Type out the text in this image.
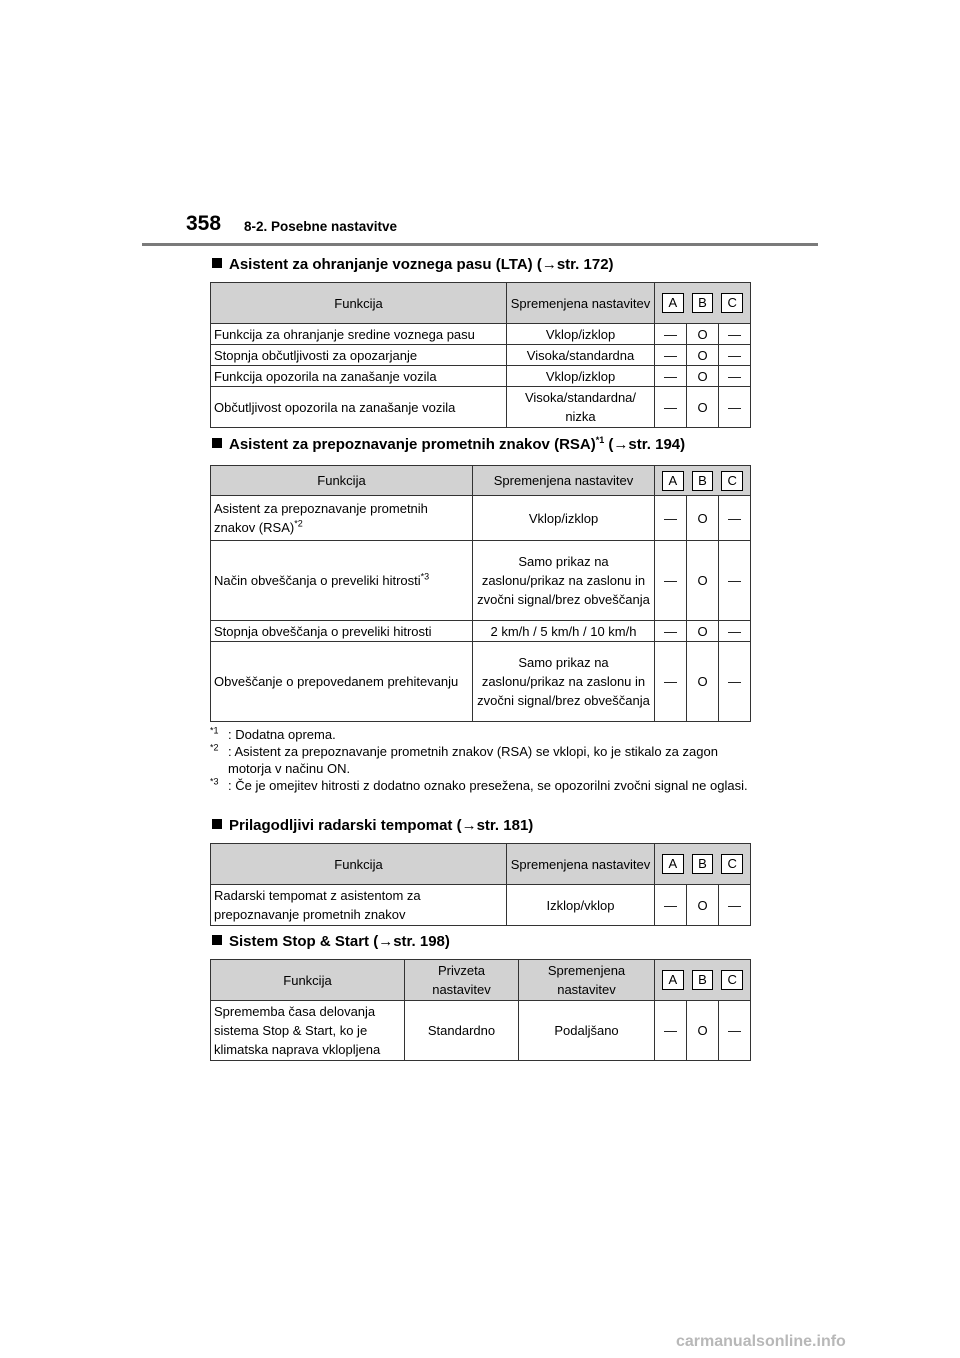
358 8-2. Posebne nastavitve
Asistent za ohranjanje voznega pasu (LTA) (→str. 172)
Funkcija	Spremenjena nastavitev	A B C		

Funkcija za ohranjanje sredine voznega pasu	Vklop/izklop	—	O	—
Stopnja občutljivosti za opozarjanje	Visoka/standardna	—	O	—
Funkcija opozorila na zanašanje vozila	Vklop/izklop	—	O	—
Občutljivost opozorila na zanašanje vozila	Visoka/standardna/ nizka	—	O	—
Asistent za prepoznavanje prometnih znakov (RSA)$^{*1}$ (→str. 194)
Funkcija	Spremenjena nastavitev	A B C		

Asistent za prepoznavanje prometnih znakov (RSA)$^{*2}$	Vklop/izklop	—	O	—
Način obveščanja o preveliki hitrosti$^{*3}$	Samo prikaz na zaslonu/prikaz na zaslonu in zvočni signal/brez obveščanja	—	O	—
Stopnja obveščanja o preveliki hitrosti	2 km/h / 5 km/h / 10 km/h	—	O	—
Obveščanje o prepovedanem prehitevanju	Samo prikaz na zaslonu/prikaz na zaslonu in zvočni signal/brez obveščanja	—	O	—
$^{*1}$ : Dodatna oprema.
$^{*2}$ : Asistent za prepoznavanje prometnih znakov (RSA) se vklopi, ko je stikalo za zagon motorja v načinu ON.
$^{*3}$ : Če je omejitev hitrosti z dodatno oznako presežena, se opozorilni zvočni signal ne oglasi.
Prilagodljivi radarski tempomat (→str. 181)
Funkcija	Spremenjena nastavitev	A B C		

Radarski tempomat z asistentom za prepoznavanje prometnih znakov	Izklop/vklop	—	O	—
Sistem Stop & Start (→str. 198)
Funkcija	Privzeta nastavitev	Spremenjena nastavitev	A B C		

Sprememba časa delovanja sistema Stop & Start, ko je klimatska naprava vklopljena	Standardno	Podaljšano	—	O	—
carmanualsonline.info
